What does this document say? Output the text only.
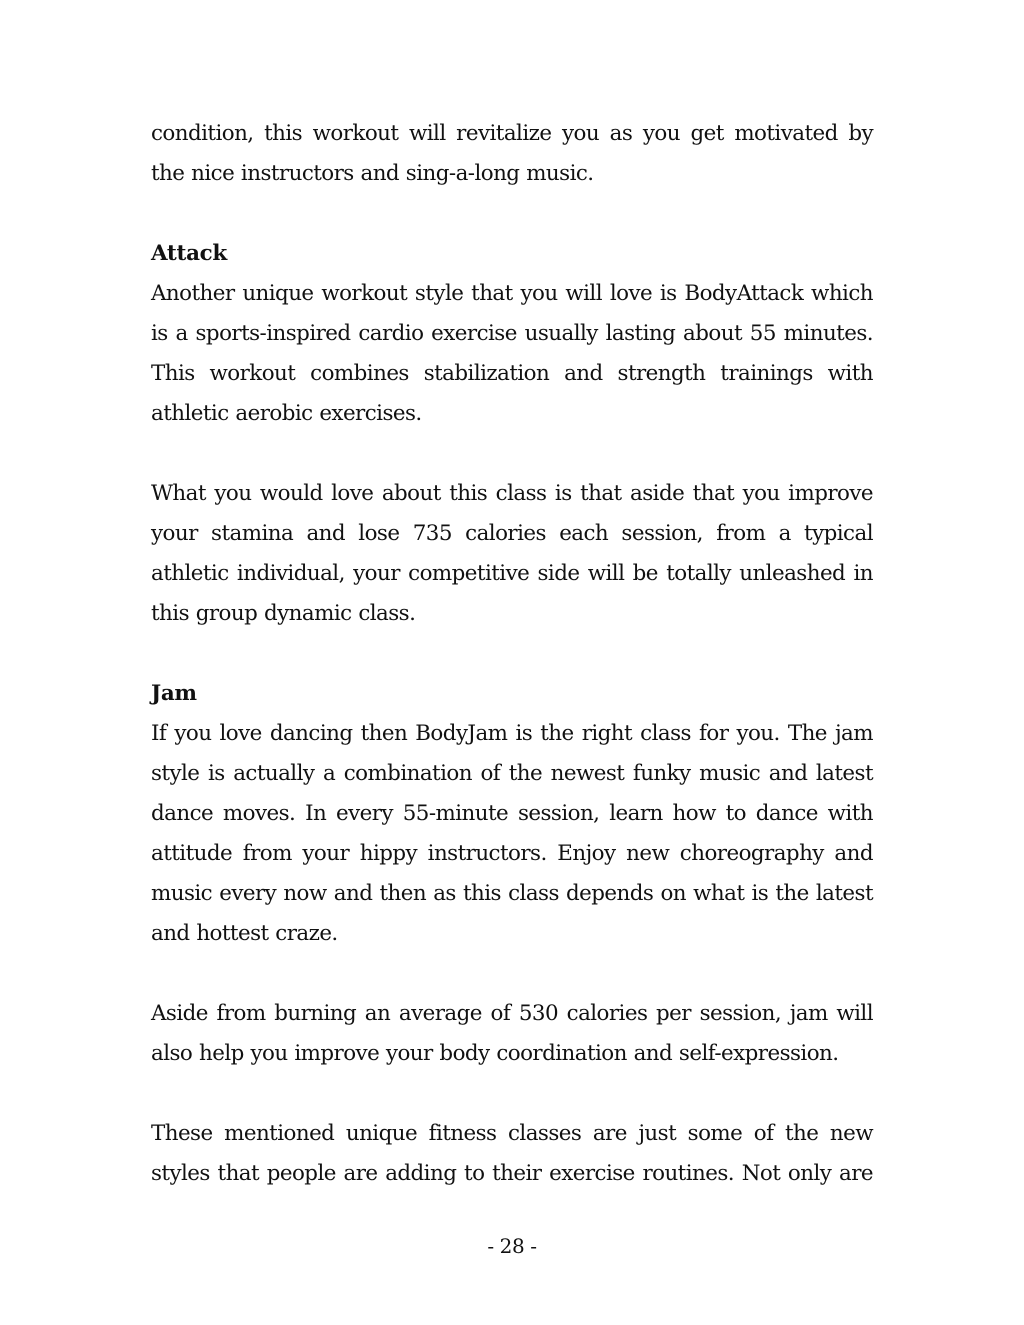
condition, this workout will revitalize you as you get motivated by the nice instructors and sing-a-long music.

Attack

Another unique workout style that you will love is BodyAttack which is a sports-inspired cardio exercise usually lasting about 55 minutes. This workout combines stabilization and strength trainings with athletic aerobic exercises.

What you would love about this class is that aside that you improve your stamina and lose 735 calories each session, from a typical athletic individual, your competitive side will be totally unleashed in this group dynamic class.

Jam

If you love dancing then BodyJam is the right class for you. The jam style is actually a combination of the newest funky music and latest dance moves. In every 55-minute session, learn how to dance with attitude from your hippy instructors. Enjoy new choreography and music every now and then as this class depends on what is the latest and hottest craze.

Aside from burning an average of 530 calories per session, jam will also help you improve your body coordination and self-expression.

These mentioned unique fitness classes are just some of the new styles that people are adding to their exercise routines. Not only are

- 28 -
